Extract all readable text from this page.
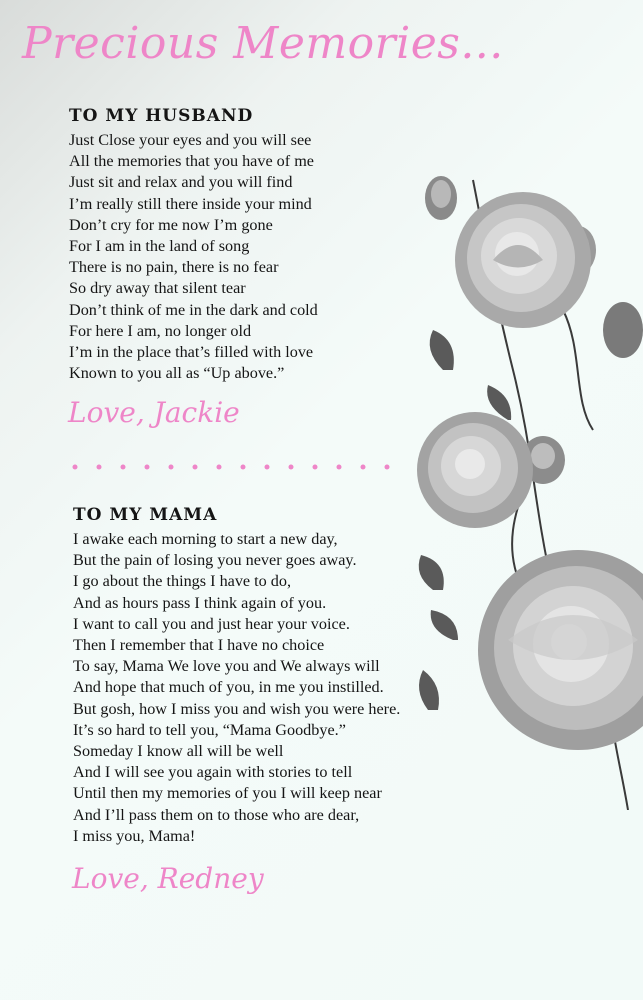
Precious Memories...
TO MY HUSBAND
Just Close your eyes and you will see
All the memories that you have of me
Just sit and relax and you will find
I’m really still there inside your mind
Don’t cry for me now I’m gone
For I am in the land of song
There is no pain, there is no fear
So dry away that silent tear
Don’t think of me in the dark and cold
For here I am, no longer old
I’m in the place that’s filled with love
Known to you all as “Up above.”
Love, Jackie
TO MY MAMA
I awake each morning to start a new day,
But the pain of losing you never goes away.
I go about the things I have to do,
And as hours pass I think again of you.
I want to call you and just hear your voice.
Then I remember that I have no choice
To say, Mama We love you and We always will
And hope that much of you, in me you instilled.
But gosh, how I miss you and wish you were here.
It’s so hard to tell you, “Mama Goodbye.”
Someday I know all will be well
And I will see you again with stories to tell
Until then my memories of you I will keep near
And I’ll pass them on to those who are dear,
I miss you, Mama!
Love, Redney
